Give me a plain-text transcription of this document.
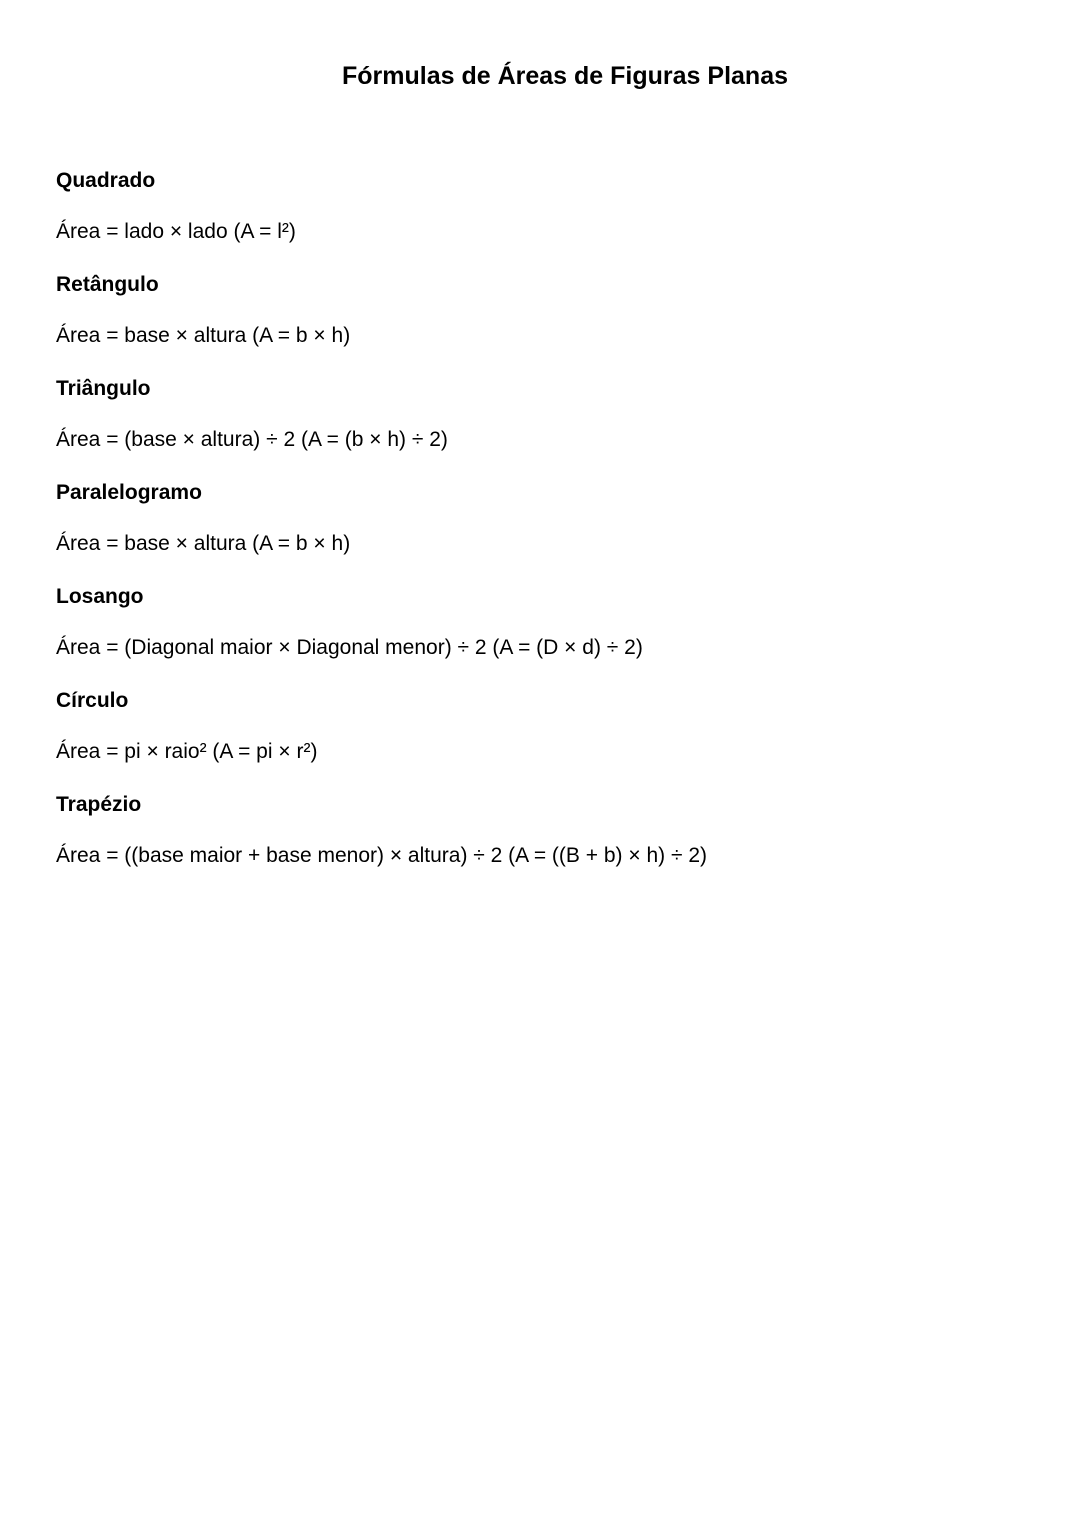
Fórmulas de Áreas de Figuras Planas
Quadrado

Área = lado × lado (A = l²)

Retângulo

Área = base × altura (A = b × h)

Triângulo

Área = (base × altura) ÷ 2 (A = (b × h) ÷ 2)

Paralelogramo

Área = base × altura (A = b × h)

Losango

Área = (Diagonal maior × Diagonal menor) ÷ 2 (A = (D × d) ÷ 2)

Círculo

Área = pi × raio² (A = pi × r²)

Trapézio

Área = ((base maior + base menor) × altura) ÷ 2 (A = ((B + b) × h) ÷ 2)
